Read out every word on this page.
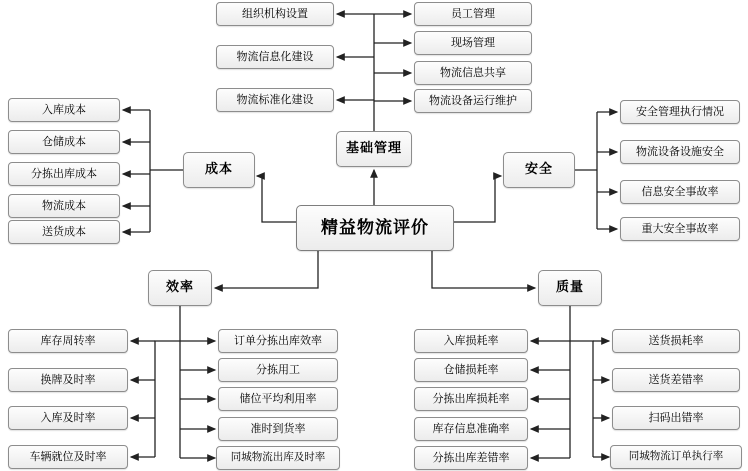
精益物流评价
成本
基础管理
安全
效率	质量
组织机构设置
物流信息化建设
物流标准化建设
员工管理
现场管理
物流信息共享
物流设备运行维护
入库成本
仓储成本
分拣出库成本
物流成本
送货成本
安全管理执行情况
物流设备设施安全
信息安全事故率
重大安全事故率
订单分拣出库效率
分拣用工
储位平均利用率
准时到货率
同城物流出库及时率
库存周转率
换牌及时率
入库及时率
车辆就位及时率
入库损耗率
仓储损耗率
分拣出库损耗率
库存信息准确率
分拣出库差错率
送货损耗率
送货差错率
扫码出错率
同城物流订单执行率
